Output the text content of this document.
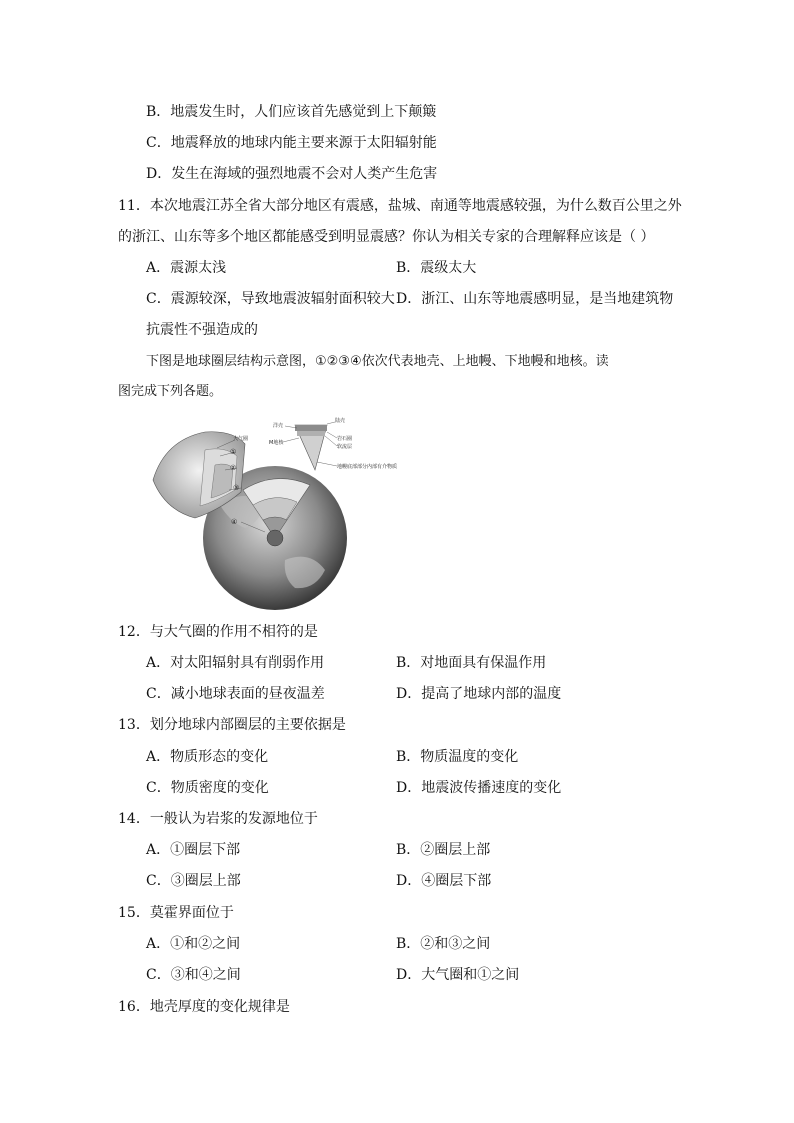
B．地震发生时，人们应该首先感觉到上下颠簸
C．地震释放的地球内能主要来源于太阳辐射能
D．发生在海域的强烈地震不会对人类产生危害
11．本次地震江苏全省大部分地区有震感，盐城、南通等地震感较强，为什么数百公里之外
的浙江、山东等多个地区都能感受到明显震感？你认为相关专家的合理解释应该是（ ）
A．震源太浅	B．震级太大
C．震源较深，导致地震波辐射面积较大 D．浙江、山东等地震感明显，是当地建筑物
抗震性不强造成的
下图是地球圈层结构示意图，①②③④依次代表地壳、上地幔、下地幔和地核。读
图完成下列各题。
大气圈
①
②
③
④
洋壳
M地核
陆壳
岩石圈
软流层
地幔底部部分内部有介物质
12．与大气圈的作用不相符的是
A．对太阳辐射具有削弱作用	B．对地面具有保温作用
C．减小地球表面的昼夜温差	D．提高了地球内部的温度
13．划分地球内部圈层的主要依据是
A．物质形态的变化	B．物质温度的变化
C．物质密度的变化	D．地震波传播速度的变化
14．一般认为岩浆的发源地位于
A．①圈层下部	B．②圈层上部
C．③圈层上部	D．④圈层下部
15．莫霍界面位于
A．①和②之间	B．②和③之间
C．③和④之间	D．大气圈和①之间
16．地壳厚度的变化规律是
